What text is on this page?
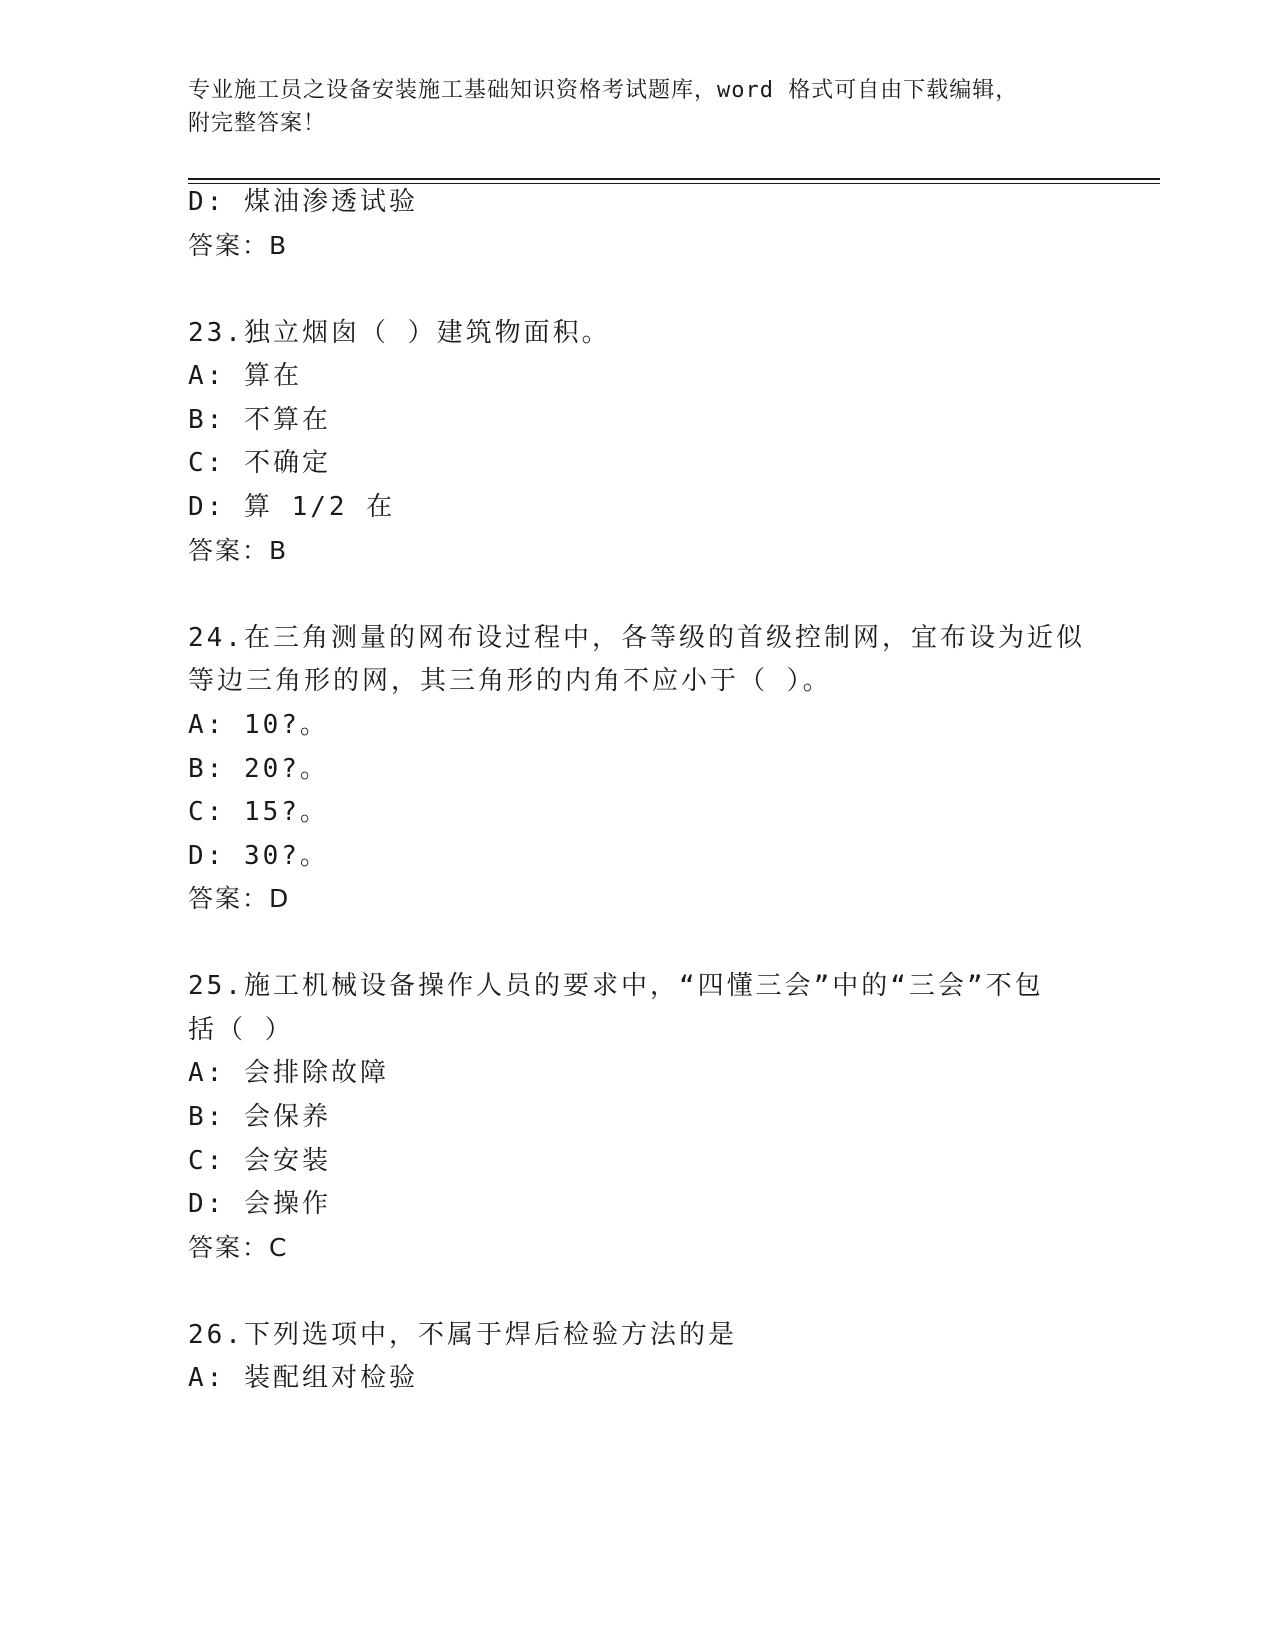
专业施工员之设备安装施工基础知识资格考试题库，word 格式可自由下载编辑，
附完整答案！
D: 煤油渗透试验
答案：B
23.独立烟囱（ ）建筑物面积。
A: 算在
B: 不算在
C: 不确定
D: 算 1/2 在
答案：B
24.在三角测量的网布设过程中，各等级的首级控制网，宜布设为近似
等边三角形的网，其三角形的内角不应小于（ ）。
A: 10?。
B: 20?。
C: 15?。
D: 30?。
答案：D
25.施工机械设备操作人员的要求中，“四懂三会”中的“三会”不包
括（ ）
A: 会排除故障
B: 会保养
C: 会安装
D: 会操作
答案：C
26.下列选项中，不属于焊后检验方法的是
A: 装配组对检验
